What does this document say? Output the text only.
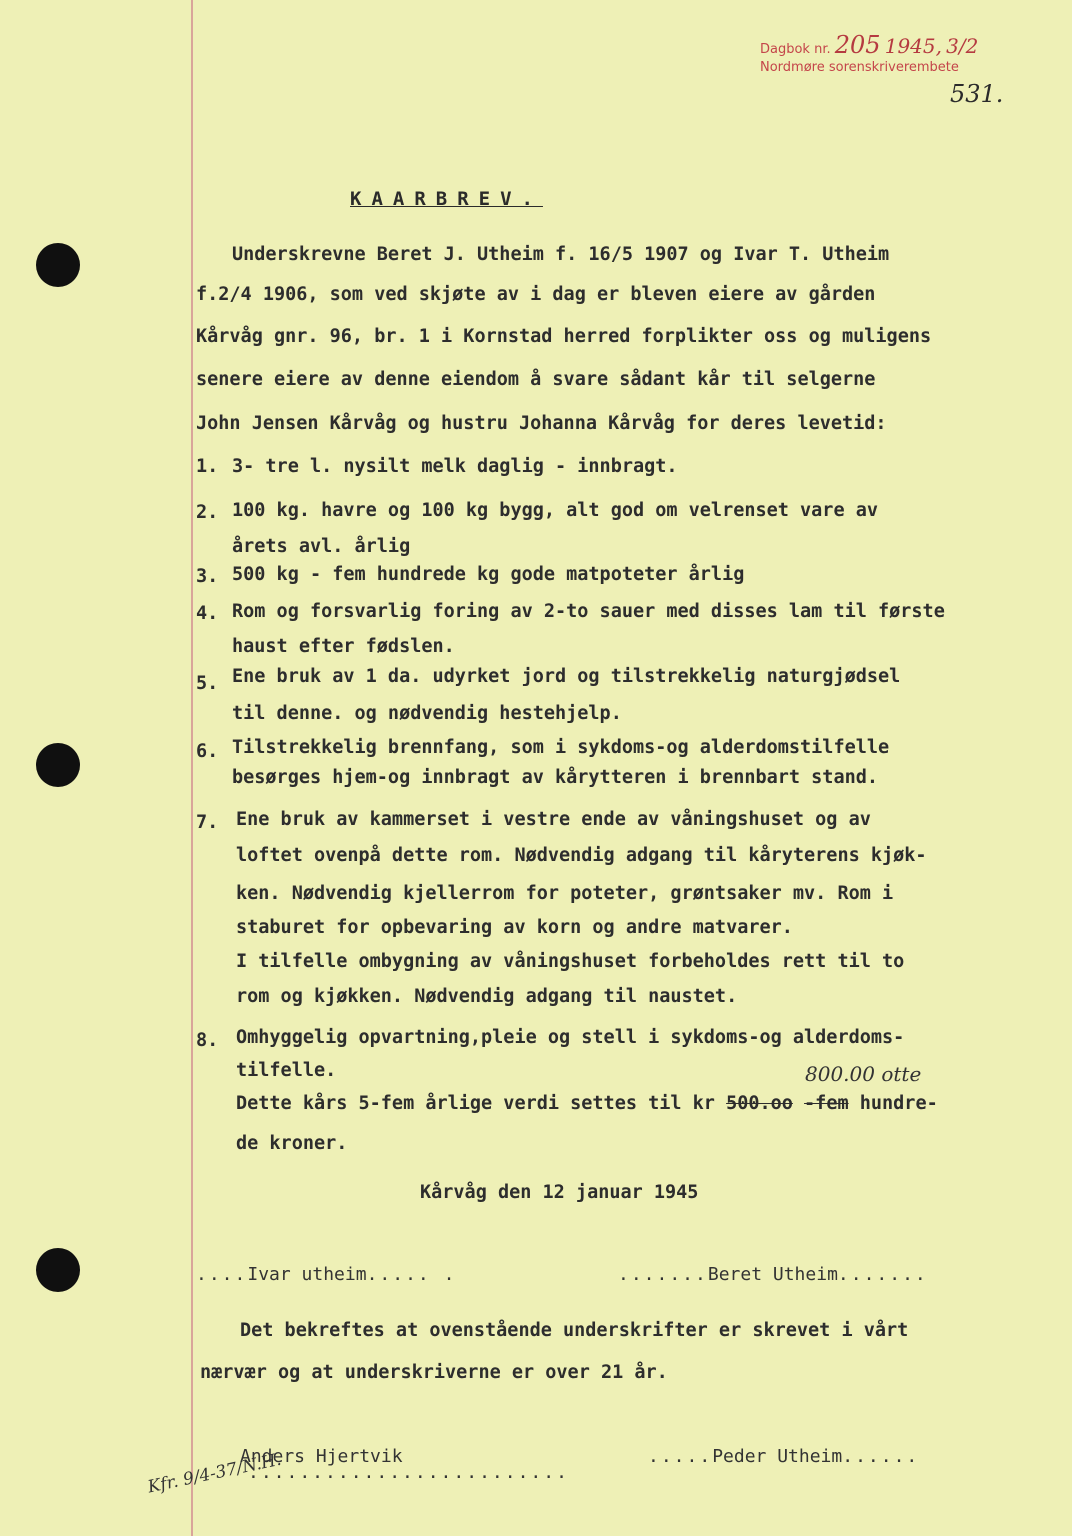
Dagbok nr. 205 1945, 3/2
Nordmøre sorenskriverembete
531.
KAARBREV.
Underskrevne Beret J. Utheim f. 16/5 1907 og Ivar T. Utheim
f.2/4 1906, som ved skjøte av i dag er bleven eiere av gården
Kårvåg gnr. 96, br. 1 i Kornstad herred forplikter oss og muligens
senere eiere av denne eiendom å svare sådant kår til selgerne
John Jensen Kårvåg og hustru Johanna Kårvåg for deres levetid:
1. 3- tre l. nysilt melk daglig - innbragt.
2. 100 kg. havre og 100 kg bygg, alt god om velrenset vare av
årets avl. årlig
3. 500 kg - fem hundrede kg gode matpoteter årlig
4. Rom og forsvarlig foring av 2-to sauer med disses lam til første
haust efter fødslen.
5. Ene bruk av 1 da. udyrket jord og tilstrekkelig naturgjødsel
til denne. og nødvendig hestehjelp.
6. Tilstrekkelig brennfang, som i sykdoms-og alderdomstilfelle
besørges hjem-og innbragt av kårytteren i brennbart stand.
7. Ene bruk av kammerset i vestre ende av våningshuset og av
loftet ovenpå dette rom. Nødvendig adgang til kåryterens kjøk-
ken. Nødvendig kjellerrom for poteter, grøntsaker mv. Rom i
staburet for opbevaring av korn og andre matvarer.
I tilfelle ombygning av våningshuset forbeholdes rett til to
rom og kjøkken. Nødvendig adgang til naustet.
8. Omhyggelig opvartning,pleie og stell i sykdoms-og alderdoms-
tilfelle.	800.00 otte
Dette kårs 5-fem årlige verdi settes til kr 500.oo -fem hundre-
de kroner.
Kårvåg den 12 januar 1945
....Ivar utheim..... .	.......Beret Utheim.......
Det bekreftes at ovenstående underskrifter er skrevet i vårt
nærvær og at underskriverne er over 21 år.
Anders Hjertvik
.........................
.....Peder Utheim......
Kfr. 9/4-37/N.H.
